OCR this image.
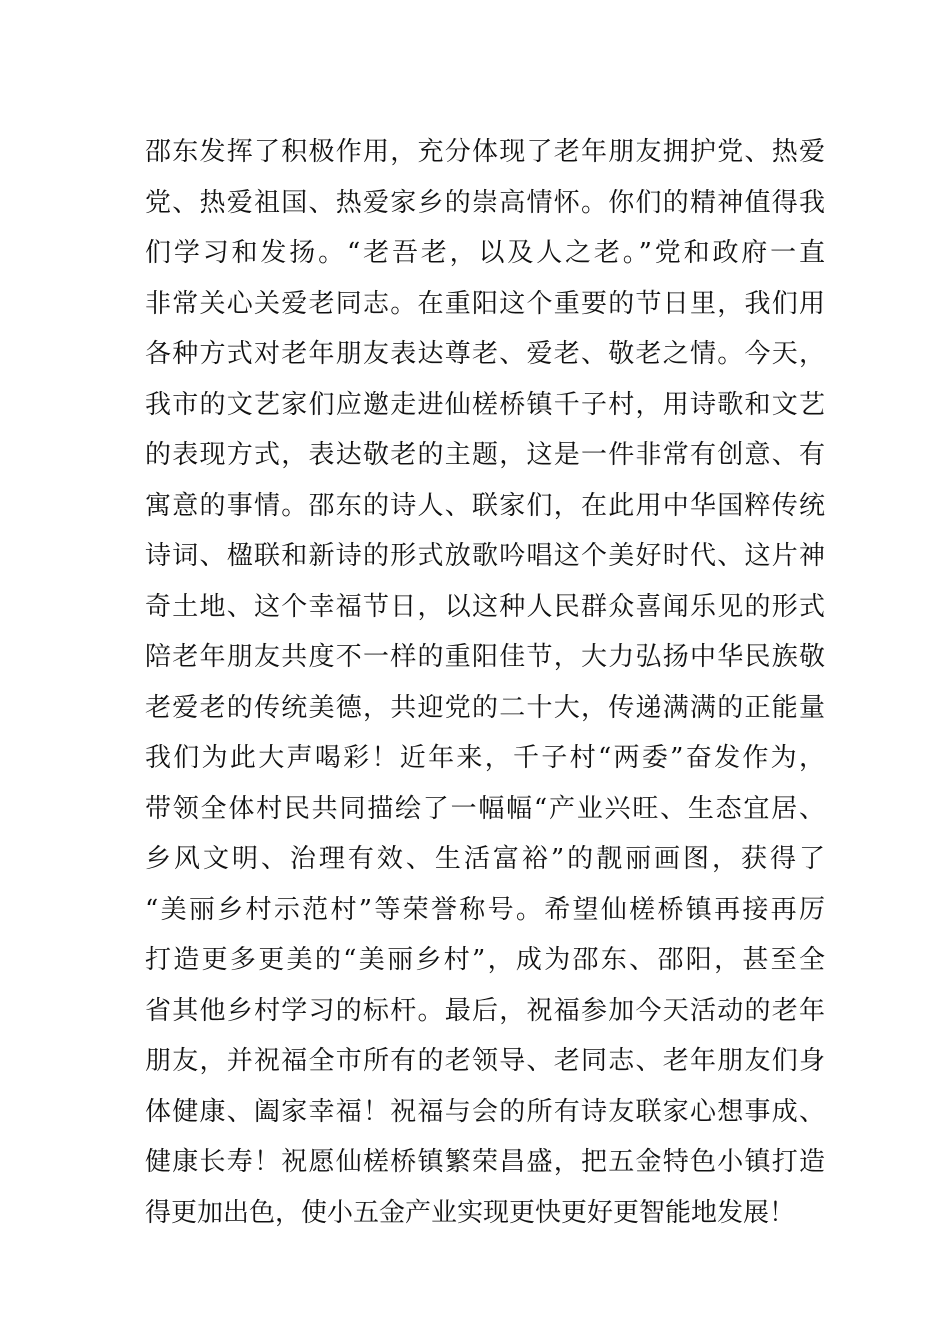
邵东发挥了积极作用，充分体现了老年朋友拥护党、热爱
党、热爱祖国、热爱家乡的崇高情怀。你们的精神值得我
们学习和发扬。“老吾老，以及人之老。”党和政府一直
非常关心关爱老同志。在重阳这个重要的节日里，我们用
各种方式对老年朋友表达尊老、爱老、敬老之情。今天，
我市的文艺家们应邀走进仙槎桥镇千子村，用诗歌和文艺
的表现方式，表达敬老的主题，这是一件非常有创意、有
寓意的事情。邵东的诗人、联家们，在此用中华国粹传统
诗词、楹联和新诗的形式放歌吟唱这个美好时代、这片神
奇土地、这个幸福节日，以这种人民群众喜闻乐见的形式
陪老年朋友共度不一样的重阳佳节，大力弘扬中华民族敬
老爱老的传统美德，共迎党的二十大，传递满满的正能量
我们为此大声喝彩！近年来，千子村“两委”奋发作为，
带领全体村民共同描绘了一幅幅“产业兴旺、生态宜居、
乡风文明、治理有效、生活富裕”的靓丽画图，获得了
“美丽乡村示范村”等荣誉称号。希望仙槎桥镇再接再厉
打造更多更美的“美丽乡村”，成为邵东、邵阳，甚至全
省其他乡村学习的标杆。最后，祝福参加今天活动的老年
朋友，并祝福全市所有的老领导、老同志、老年朋友们身
体健康、阖家幸福！祝福与会的所有诗友联家心想事成、
健康长寿！祝愿仙槎桥镇繁荣昌盛，把五金特色小镇打造
得更加出色，使小五金产业实现更快更好更智能地发展！
